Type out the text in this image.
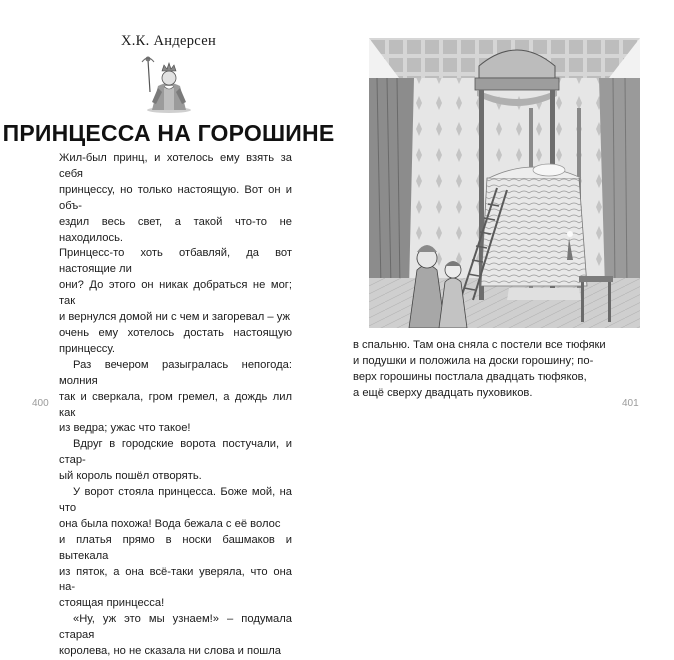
Х.К. Андерсен
ПРИНЦЕССА НА ГОРОШИНЕ

Жил-был принц, и хотелось ему взять за себя

принцессу, но только настоящую. Вот он и объ-

ездил весь свет, а такой что-то не находилось.

Принцесс-то хоть отбавляй, да вот настоящие ли

они? До этого он никак добраться не мог; так

и вернулся домой ни с чем и загоревал – уж

очень ему хотелось достать настоящую принцессу.

Раз вечером разыгралась непогода: молния

так и сверкала, гром гремел, а дождь лил как

из ведра; ужас что такое!

Вдруг в городские ворота постучали, и стар-

ый король пошёл отворять.

У ворот стояла принцесса. Боже мой, на что

она была похожа! Вода бежала с её волос

и платья прямо в носки башмаков и вытекала

из пяток, а она всё-таки уверяла, что она на-

стоящая принцесса!

«Ну, уж это мы узнаем!» – подумала старая

королева, но не сказала ни слова и пошла

400

в спальню. Там она сняла с постели все тюфяки

и подушки и положила на доски горошину; по-

верх горошины постлала двадцать тюфяков,

а ещё сверху двадцать пуховиков.

401
